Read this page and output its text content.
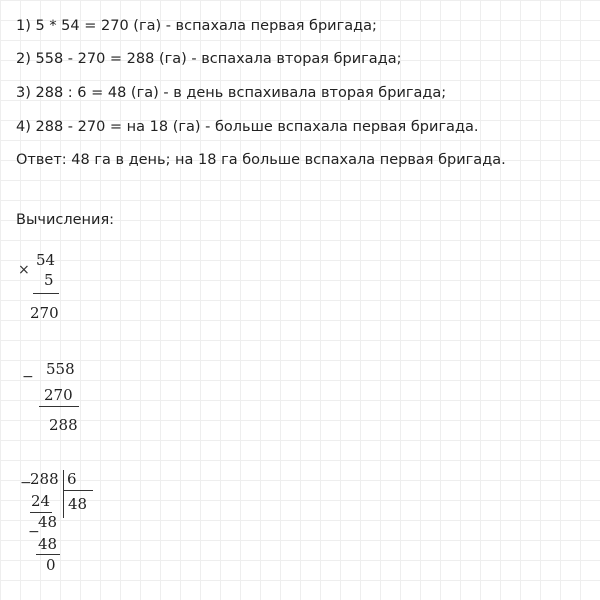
1) 5 * 54 = 270 (га) - вспахала первая бригада;
2) 558 - 270 = 288 (га) - вспахала вторая бригада;
3) 288 : 6 = 48 (га) - в день вспахивала вторая бригада;
4) 288 - 270 = на 18 (га) - больше вспахала первая бригада.
Ответ: 48 га в день; на 18 га больше вспахала первая бригада.
Вычисления:
×
54
5
270
− 558
270
288
−
288 6
48
24
48
−
48
0
